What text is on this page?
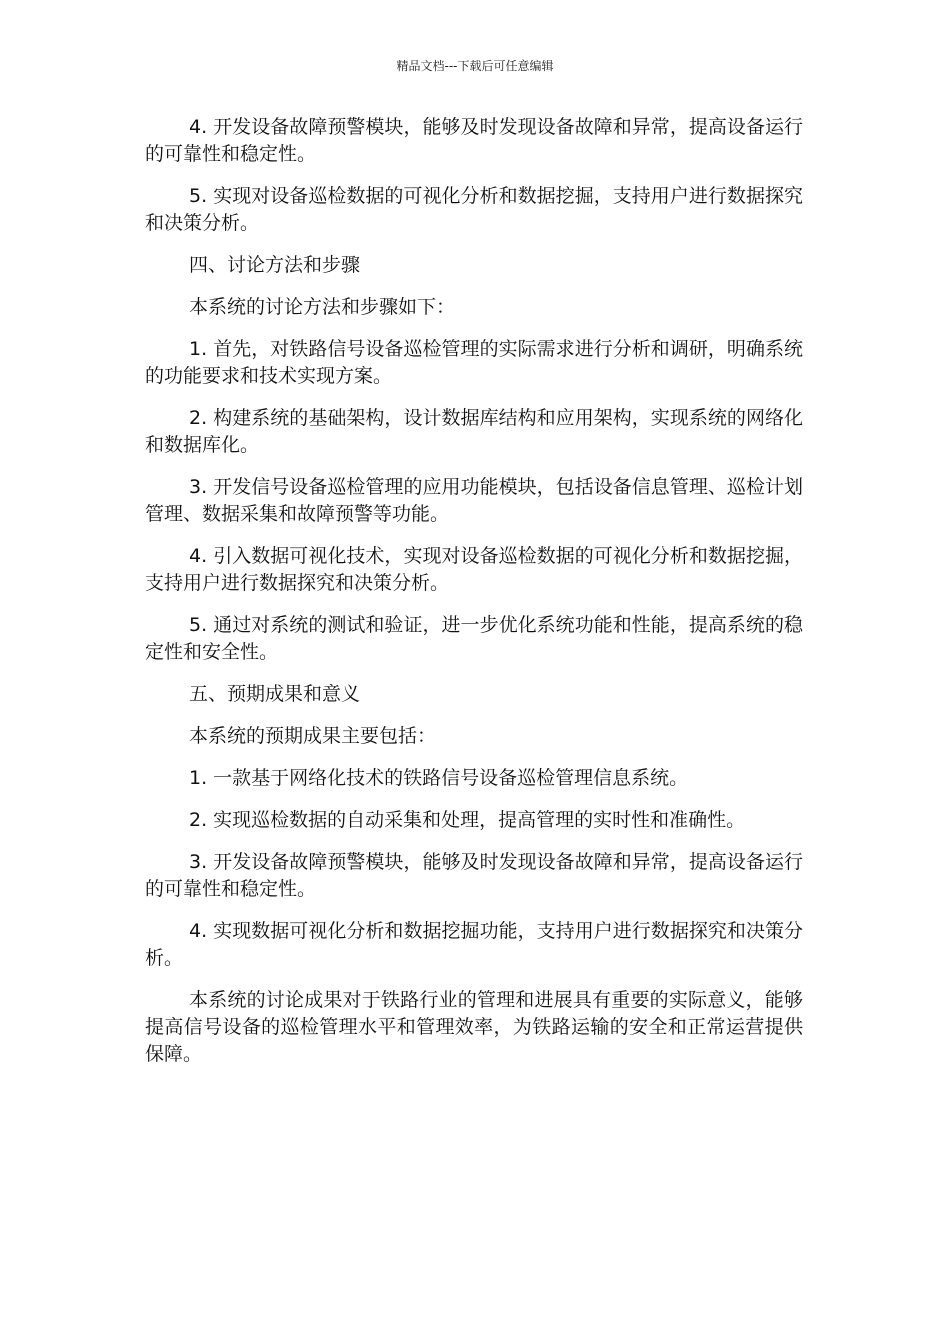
精品文档---下载后可任意编辑

4. 开发设备故障预警模块，能够及时发现设备故障和异常，提高设备运行的可靠性和稳定性。

5. 实现对设备巡检数据的可视化分析和数据挖掘，支持用户进行数据探究和决策分析。

四、讨论方法和步骤

本系统的讨论方法和步骤如下：

1. 首先，对铁路信号设备巡检管理的实际需求进行分析和调研，明确系统的功能要求和技术实现方案。

2. 构建系统的基础架构，设计数据库结构和应用架构，实现系统的网络化和数据库化。

3. 开发信号设备巡检管理的应用功能模块，包括设备信息管理、巡检计划管理、数据采集和故障预警等功能。

4. 引入数据可视化技术，实现对设备巡检数据的可视化分析和数据挖掘，支持用户进行数据探究和决策分析。

5. 通过对系统的测试和验证，进一步优化系统功能和性能，提高系统的稳定性和安全性。

五、预期成果和意义

本系统的预期成果主要包括：

1. 一款基于网络化技术的铁路信号设备巡检管理信息系统。

2. 实现巡检数据的自动采集和处理，提高管理的实时性和准确性。

3. 开发设备故障预警模块，能够及时发现设备故障和异常，提高设备运行的可靠性和稳定性。

4. 实现数据可视化分析和数据挖掘功能，支持用户进行数据探究和决策分析。

本系统的讨论成果对于铁路行业的管理和进展具有重要的实际意义，能够提高信号设备的巡检管理水平和管理效率，为铁路运输的安全和正常运营提供保障。
